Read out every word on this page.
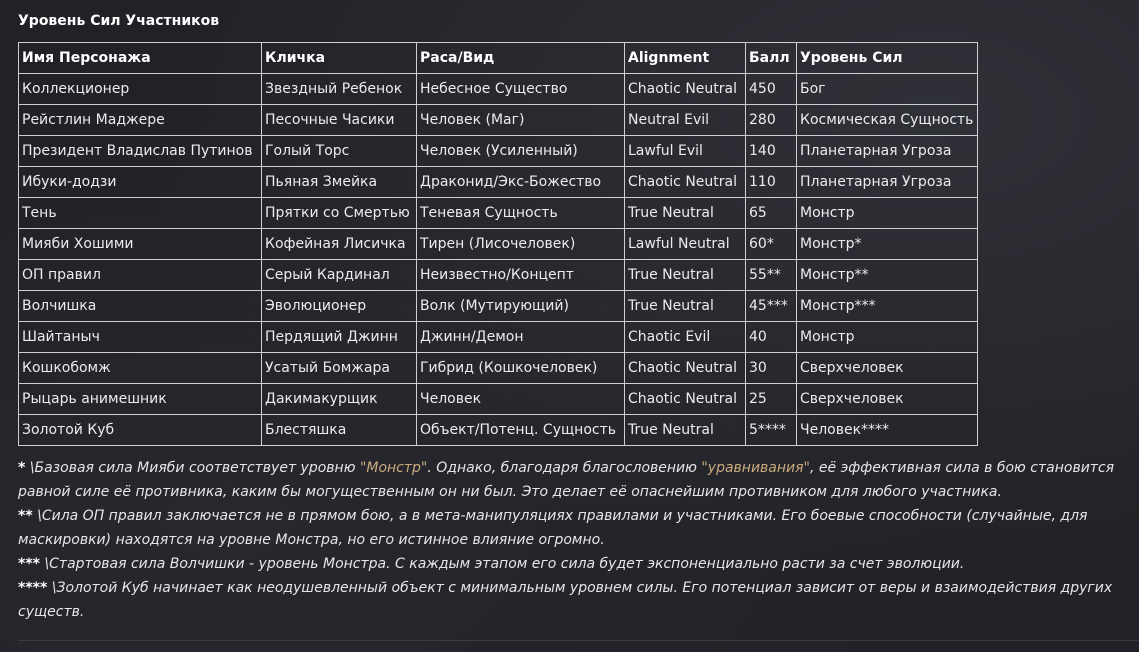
Уровень Сил Участников
Имя Персонажа	Кличка	Раса/Вид	Alignment	Балл	Уровень Сил
Коллекционер	Звездный Ребенок	Небесное Существо	Chaotic Neutral	450	Бог
Рейстлин Маджере	Песочные Часики	Человек (Маг)	Neutral Evil	280	Космическая Сущность
Президент Владислав Путинов	Голый Торс	Человек (Усиленный)	Lawful Evil	140	Планетарная Угроза
Ибуки-додзи	Пьяная Змейка	Драконид/Экс-Божество	Chaotic Neutral	110	Планетарная Угроза
Тень	Прятки со Смертью	Теневая Сущность	True Neutral	65	Монстр
Мияби Хошими	Кофейная Лисичка	Тирен (Лисочеловек)	Lawful Neutral	60*	Монстр*
ОП правил	Серый Кардинал	Неизвестно/Концепт	True Neutral	55**	Монстр**
Волчишка	Эволюционер	Волк (Мутирующий)	True Neutral	45***	Монстр***
Шайтаныч	Пердящий Джинн	Джинн/Демон	Chaotic Evil	40	Монстр
Кошкобомж	Усатый Бомжара	Гибрид (Кошкочеловек)	Chaotic Neutral	30	Сверхчеловек
Рыцарь анимешник	Дакимакурщик	Человек	Chaotic Neutral	25	Сверхчеловек
Золотой Куб	Блестяшка	Объект/Потенц. Сущность	True Neutral	5****	Человек****

* \Базовая сила Мияби соответствует уровню "Монстр". Однако, благодаря благословению "уравнивания", её эффективная сила в бою становится равной силе её противника, каким бы могущественным он ни был. Это делает её опаснейшим противником для любого участника.

** \Сила ОП правил заключается не в прямом бою, а в мета-манипуляциях правилами и участниками. Его боевые способности (случайные, для маскировки) находятся на уровне Монстра, но его истинное влияние огромно.

*** \Стартовая сила Волчишки - уровень Монстра. С каждым этапом его сила будет экспоненциально расти за счет эволюции.

**** \Золотой Куб начинает как неодушевленный объект с минимальным уровнем силы. Его потенциал зависит от веры и взаимодействия других существ.
